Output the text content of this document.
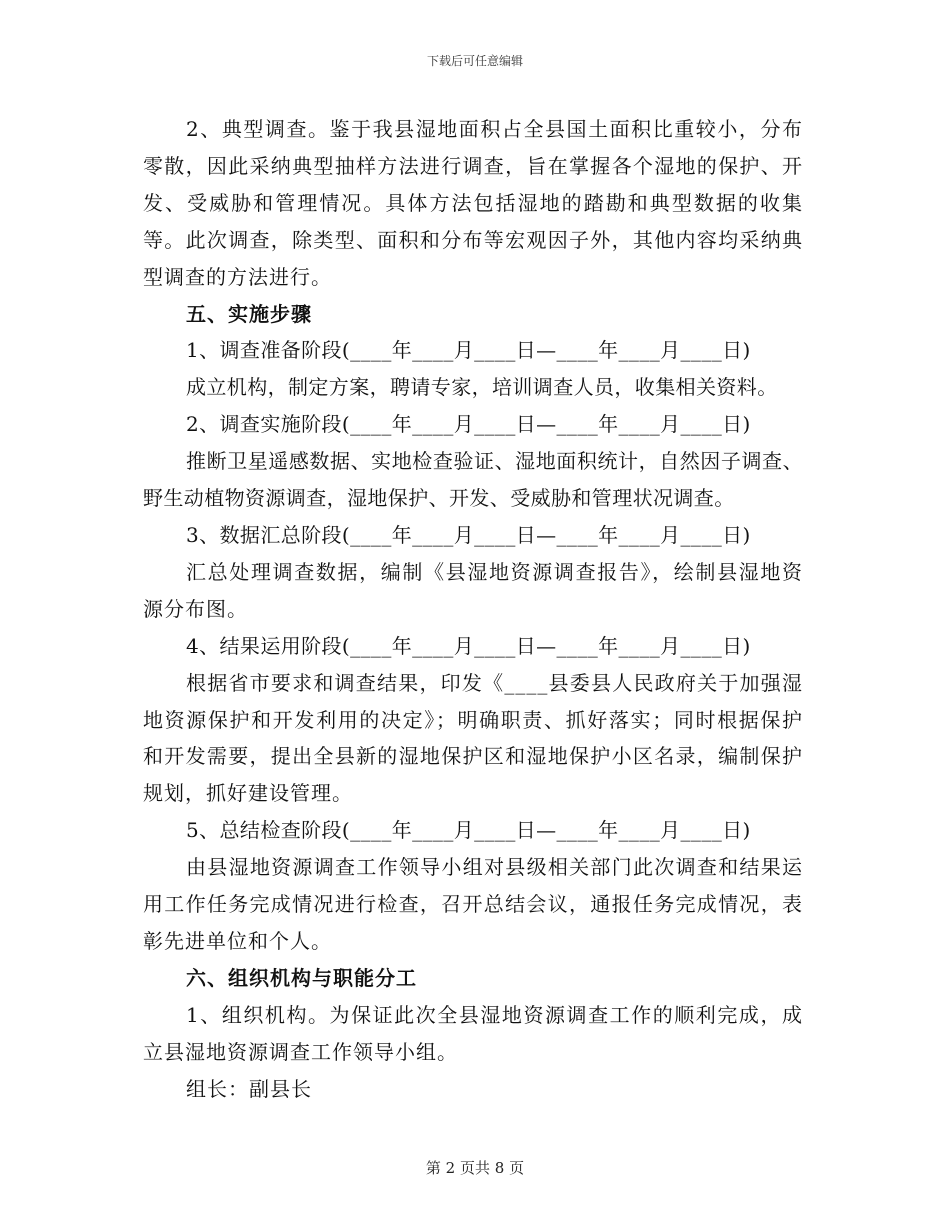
下载后可任意编辑

2、典型调查。鉴于我县湿地面积占全县国土面积比重较小，分布零散，因此采纳典型抽样方法进行调查，旨在掌握各个湿地的保护、开发、受威胁和管理情况。具体方法包括湿地的踏勘和典型数据的收集等。此次调查，除类型、面积和分布等宏观因子外，其他内容均采纳典型调查的方法进行。

五、实施步骤

1、调查准备阶段(____年____月____日—____年____月____日)

成立机构，制定方案，聘请专家，培训调查人员，收集相关资料。

2、调查实施阶段(____年____月____日—____年____月____日)

推断卫星遥感数据、实地检查验证、湿地面积统计，自然因子调查、野生动植物资源调查，湿地保护、开发、受威胁和管理状况调查。

3、数据汇总阶段(____年____月____日—____年____月____日)

汇总处理调查数据，编制《县湿地资源调查报告》，绘制县湿地资源分布图。

4、结果运用阶段(____年____月____日—____年____月____日)

根据省市要求和调查结果，印发《____县委县人民政府关于加强湿地资源保护和开发利用的决定》；明确职责、抓好落实；同时根据保护和开发需要，提出全县新的湿地保护区和湿地保护小区名录，编制保护规划，抓好建设管理。

5、总结检查阶段(____年____月____日—____年____月____日)

由县湿地资源调查工作领导小组对县级相关部门此次调查和结果运用工作任务完成情况进行检查，召开总结会议，通报任务完成情况，表彰先进单位和个人。

六、组织机构与职能分工

1、组织机构。为保证此次全县湿地资源调查工作的顺利完成，成立县湿地资源调查工作领导小组。

组长：副县长

第 2 页共 8 页
